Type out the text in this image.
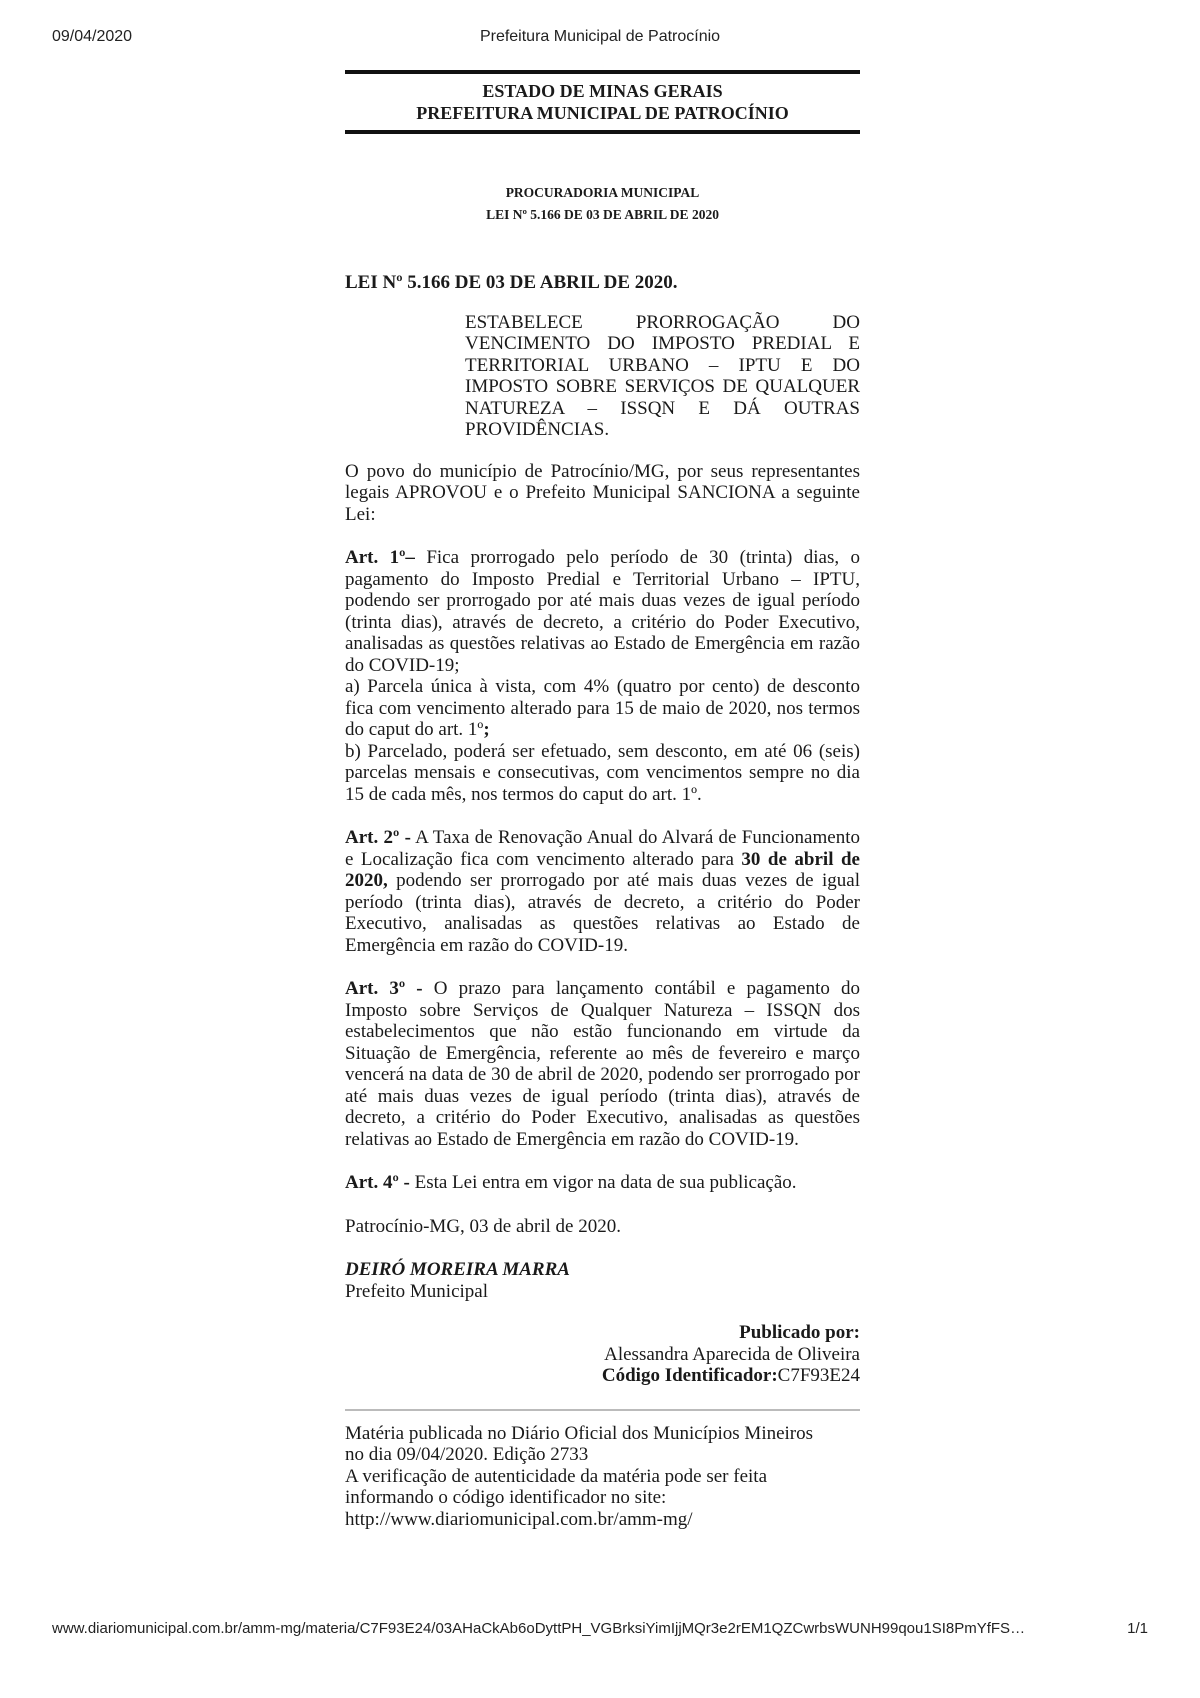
09/04/2020	Prefeitura Municipal de Patrocínio
ESTADO DE MINAS GERAIS
PREFEITURA MUNICIPAL DE PATROCÍNIO
PROCURADORIA MUNICIPAL
LEI Nº 5.166 DE 03 DE ABRIL DE 2020
LEI Nº 5.166 DE 03 DE ABRIL DE 2020.
ESTABELECE PRORROGAÇÃO DO VENCIMENTO DO IMPOSTO PREDIAL E TERRITORIAL URBANO – IPTU E DO IMPOSTO SOBRE SERVIÇOS DE QUALQUER NATUREZA – ISSQN E DÁ OUTRAS PROVIDÊNCIAS.

O povo do município de Patrocínio/MG, por seus representantes legais APROVOU e o Prefeito Municipal SANCIONA a seguinte Lei:

Art. 1º– Fica prorrogado pelo período de 30 (trinta) dias, o pagamento do Imposto Predial e Territorial Urbano – IPTU, podendo ser prorrogado por até mais duas vezes de igual período (trinta dias), através de decreto, a critério do Poder Executivo, analisadas as questões relativas ao Estado de Emergência em razão do COVID-19;

a) Parcela única à vista, com 4% (quatro por cento) de desconto fica com vencimento alterado para 15 de maio de 2020, nos termos do caput do art. 1º;

b) Parcelado, poderá ser efetuado, sem desconto, em até 06 (seis) parcelas mensais e consecutivas, com vencimentos sempre no dia 15 de cada mês, nos termos do caput do art. 1º.

Art. 2º - A Taxa de Renovação Anual do Alvará de Funcionamento e Localização fica com vencimento alterado para 30 de abril de 2020, podendo ser prorrogado por até mais duas vezes de igual período (trinta dias), através de decreto, a critério do Poder Executivo, analisadas as questões relativas ao Estado de Emergência em razão do COVID-19.

Art. 3º - O prazo para lançamento contábil e pagamento do Imposto sobre Serviços de Qualquer Natureza – ISSQN dos estabelecimentos que não estão funcionando em virtude da Situação de Emergência, referente ao mês de fevereiro e março vencerá na data de 30 de abril de 2020, podendo ser prorrogado por até mais duas vezes de igual período (trinta dias), através de decreto, a critério do Poder Executivo, analisadas as questões relativas ao Estado de Emergência em razão do COVID-19.

Art. 4º - Esta Lei entra em vigor na data de sua publicação.

Patrocínio-MG, 03 de abril de 2020.
DEIRÓ MOREIRA MARRA
Prefeito Municipal
Publicado por:
Alessandra Aparecida de Oliveira
Código Identificador:C7F93E24
Matéria publicada no Diário Oficial dos Municípios Mineiros
no dia 09/04/2020. Edição 2733
A verificação de autenticidade da matéria pode ser feita
informando o código identificador no site:
http://www.diariomunicipal.com.br/amm-mg/
www.diariomunicipal.com.br/amm-mg/materia/C7F93E24/03AHaCkAb6oDyttPH_VGBrksiYimIjjMQr3e2rEM1QZCwrbsWUNH99qou1SI8PmYfFS…	1/1
